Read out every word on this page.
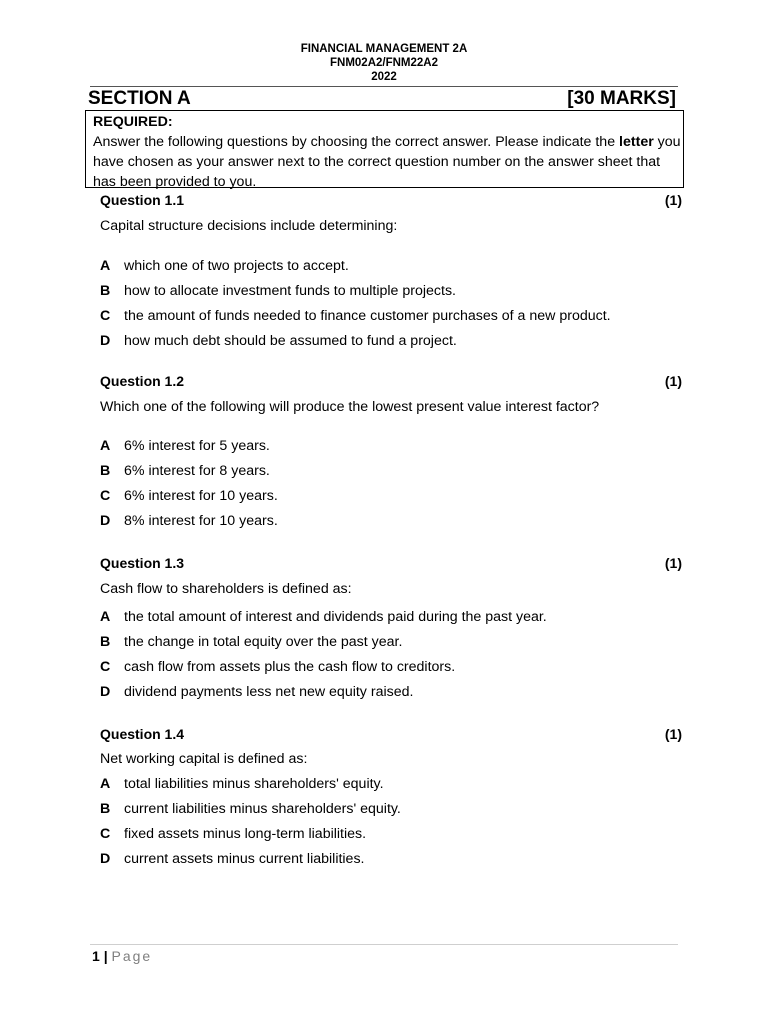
FINANCIAL MANAGEMENT 2A
FNM02A2/FNM22A2
2022
SECTION A	[30 MARKS]
REQUIRED:
Answer the following questions by choosing the correct answer. Please indicate the letter you have chosen as your answer next to the correct question number on the answer sheet that has been provided to you.
Question 1.1	(1)
Capital structure decisions include determining:
A which one of two projects to accept.
B how to allocate investment funds to multiple projects.
C the amount of funds needed to finance customer purchases of a new product.
D how much debt should be assumed to fund a project.
Question 1.2	(1)
Which one of the following will produce the lowest present value interest factor?
A 6% interest for 5 years.
B 6% interest for 8 years.
C 6% interest for 10 years.
D 8% interest for 10 years.
Question 1.3	(1)
Cash flow to shareholders is defined as:
A the total amount of interest and dividends paid during the past year.
B the change in total equity over the past year.
C cash flow from assets plus the cash flow to creditors.
D dividend payments less net new equity raised.
Question 1.4	(1)
Net working capital is defined as:
A total liabilities minus shareholders' equity.
B current liabilities minus shareholders' equity.
C fixed assets minus long-term liabilities.
D current assets minus current liabilities.
1 | Page
